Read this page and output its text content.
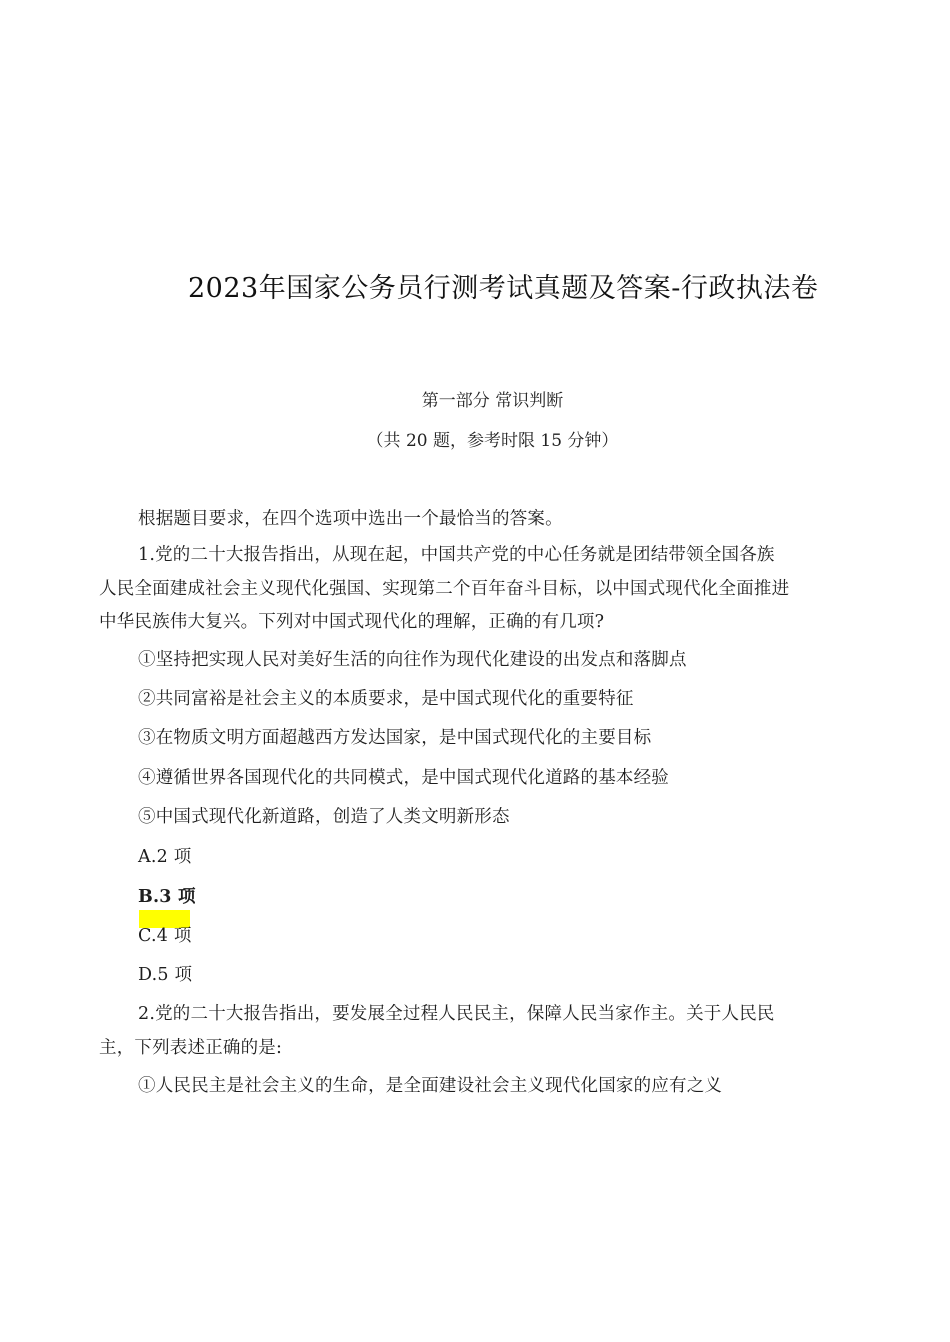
2023年国家公务员行测考试真题及答案-行政执法卷
第一部分 常识判断
（共 20 题，参考时限 15 分钟）
根据题目要求，在四个选项中选出一个最恰当的答案。
1.党的二十大报告指出，从现在起，中国共产党的中心任务就是团结带领全国各族
人民全面建成社会主义现代化强国、实现第二个百年奋斗目标，以中国式现代化全面推进
中华民族伟大复兴。下列对中国式现代化的理解，正确的有几项?
①坚持把实现人民对美好生活的向往作为现代化建设的出发点和落脚点
②共同富裕是社会主义的本质要求，是中国式现代化的重要特征
③在物质文明方面超越西方发达国家，是中国式现代化的主要目标
④遵循世界各国现代化的共同模式，是中国式现代化道路的基本经验
⑤中国式现代化新道路，创造了人类文明新形态
A.2 项
B.3 项
C.4 项
D.5 项
2.党的二十大报告指出，要发展全过程人民民主，保障人民当家作主。关于人民民
主，下列表述正确的是:
①人民民主是社会主义的生命，是全面建设社会主义现代化国家的应有之义
